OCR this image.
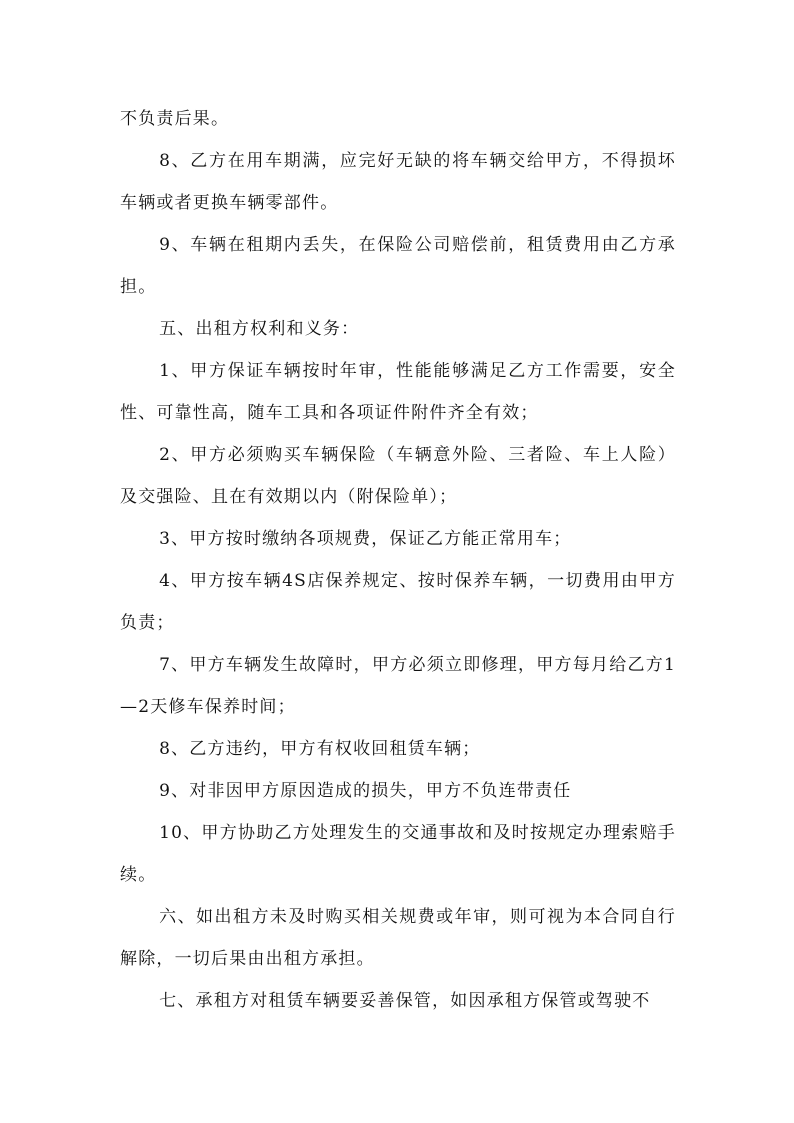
不负责后果。

8、乙方在用车期满，应完好无缺的将车辆交给甲方，不得损坏车辆或者更换车辆零部件。

9、车辆在租期内丢失，在保险公司赔偿前，租赁费用由乙方承担。

五、出租方权利和义务：

1、甲方保证车辆按时年审，性能能够满足乙方工作需要，安全性、可靠性高，随车工具和各项证件附件齐全有效；

2、甲方必须购买车辆保险（车辆意外险、三者险、车上人险）及交强险、且在有效期以内（附保险单）；

3、甲方按时缴纳各项规费，保证乙方能正常用车；

4、甲方按车辆4S店保养规定、按时保养车辆，一切费用由甲方负责；

7、甲方车辆发生故障时，甲方必须立即修理，甲方每月给乙方1—2天修车保养时间；

8、乙方违约，甲方有权收回租赁车辆；

9、对非因甲方原因造成的损失，甲方不负连带责任

10、甲方协助乙方处理发生的交通事故和及时按规定办理索赔手续。

六、如出租方未及时购买相关规费或年审，则可视为本合同自行解除，一切后果由出租方承担。

七、承租方对租赁车辆要妥善保管，如因承租方保管或驾驶不
